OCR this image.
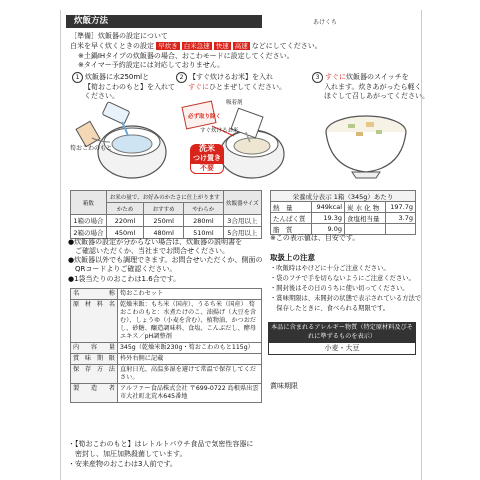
炊飯方法	あけくち
［準備］炊飯器の設定について
白米を早く炊くときの設定 早炊き 白米急速 快速 高速 などにしてください。
※土鍋IHタイプの炊飯器の場合、おこわモードに設定してください。
※タイマー予約設定には対応しておりません。
1 炊飯器に水250mlと
【筍おこわのもと】を入れて
ください。
2 【すぐ炊けるお米】を入れ
すぐにひとまぜしてください。
3 すぐに炊飯器のスイッチを
入れます。炊きあがったら軽く
ほぐして召しあがってください。
筍おこわのもと
吸着剤
必ず取り除く
すぐ炊けるお米
洗米
つけ置き
不要
箱数	お米の量で、お好みのかたさに仕上がります			炊飯器サイズ
	かため	おすすめ	やわらか	
1箱の場合	220ml	250ml	280ml	3合用以上
2箱の場合	450ml	480ml	510ml	5合用以上
栄養成分表示 1箱（345g）あたり			
熱　量	949kcal	炭 水 化 物	197.7g
たんぱく質	19.3g	食塩相当量	3.7g
脂　質	9.0g		
※この表示値は、目安です。
●炊飯器の設定が分からない場合は、炊飯器の説明書を
　ご確認いただくか、当社までお問合せください。
●炊飯器以外でも調理できます。お問合せいただくか、側面の
　QRコードよりご確認ください。
●1袋当たりのおこわは1.6合です。
取扱上の注意
・吹飯時はやけどに十分ご注意ください。
・袋のフチで手を切らないようにご注意ください。
・開封後はその日のうちに使い切ってください。
・賞味期限は、未開封の状態で表示されている方法で
　保存したときに、食べられる期限です。
名　称	筍おこわセット
原材料名	乾燥米飯：もち米（国産）、うるち米（国産） 筍おこわのもと：水煮たけのこ、油揚げ（大豆を含む）、しょうゆ（小麦を含む）、植物油、かつおだし、砂糖、醸造調味料、食塩、こんぶだし、酵母エキス／pH調整剤
内 容 量	345g（乾燥米飯230g・筍おこわのもと115g）
賞味期限	枠外右側に記載
保存方法	直射日光、高温多湿を避けて常温で保存してください。
製 造 者	アルファー食品株式会社 〒699-0722 島根県出雲市大社町北荒木645番地
本品に含まれるアレルギー物質（特定原材料及びそれに準ずるものを表示）
小麦・大豆
賞味期限
・【筍おこわのもと】はレトルトパウチ食品で気密性容器に
　密封し、加圧加熱殺菌しています。
・安来産物のおこわは3人前です。
